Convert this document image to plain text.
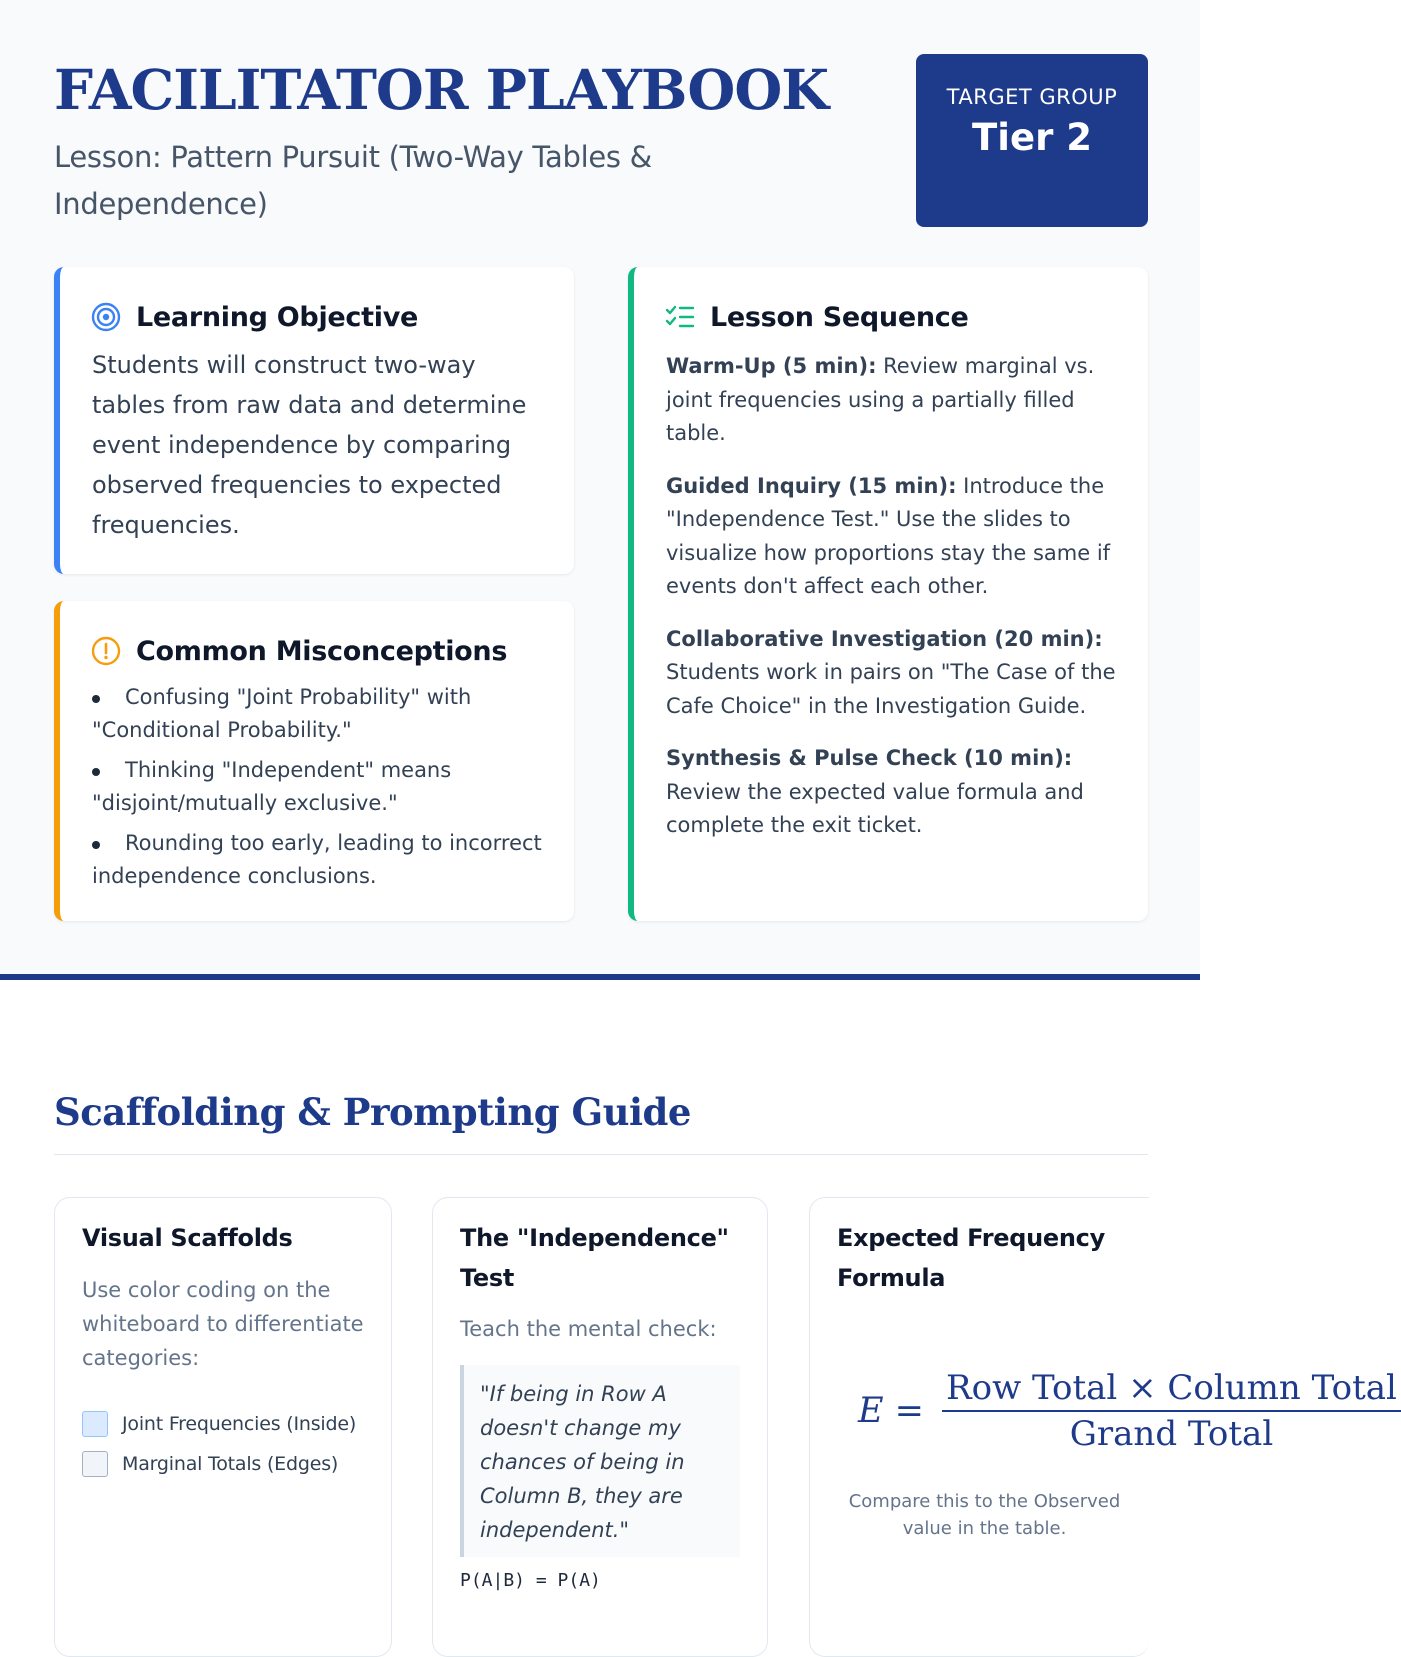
FACILITATOR PLAYBOOK
Lesson: Pattern Pursuit (Two-Way Tables & Independence)
TARGET GROUP
Tier 2
Learning Objective

Students will construct two-way tables from raw data and determine event independence by comparing observed frequencies to expected frequencies.

Common Misconceptions
Confusing "Joint Probability" with "Conditional Probability."
Thinking "Independent" means "disjoint/mutually exclusive."
Rounding too early, leading to incorrect independence conclusions.
Lesson Sequence

Warm-Up (5 min): Review marginal vs. joint frequencies using a partially filled table.

Guided Inquiry (15 min): Introduce the "Independence Test." Use the slides to visualize how proportions stay the same if events don't affect each other.

Collaborative Investigation (20 min): Students work in pairs on "The Case of the Cafe Choice" in the Investigation Guide.

Synthesis & Pulse Check (10 min): Review the expected value formula and complete the exit ticket.

Scaffolding & Prompting Guide
Visual Scaffolds

Use color coding on the whiteboard to differentiate categories:

Joint Frequencies (Inside)
Marginal Totals (Edges)
The "Independence" Test

Teach the mental check:

"If being in Row A doesn't change my chances of being in Column B, they are independent."
P(A|B) = P(A)
Expected Frequency Formula
$E = \frac{\text{Row Total × Column Total}}{\text{Grand Total}}$

Compare this to the Observed value in the table.
